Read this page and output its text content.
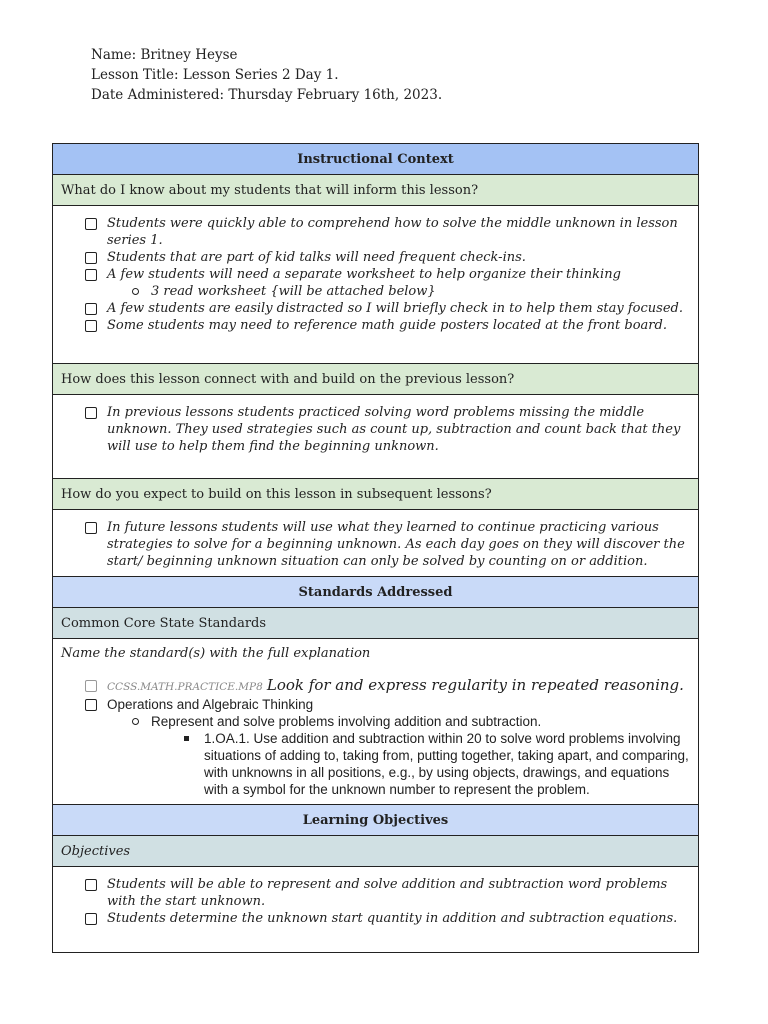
Name: Britney Heyse
Lesson Title: Lesson Series 2 Day 1.
Date Administered: Thursday February 16th, 2023.
Instructional Context
What do I know about my students that will inform this lesson?

Students were quickly able to comprehend how to solve the middle unknown in lesson series 1.
Students that are part of kid talks will need frequent check-ins.
A few students will need a separate worksheet to help organize their thinking
3 read worksheet {will be attached below}
A few students are easily distracted so I will briefly check in to help them stay focused.
Some students may need to reference math guide posters located at the front board.

How does this lesson connect with and build on the previous lesson?

In previous lessons students practiced solving word problems missing the middle unknown. They used strategies such as count up, subtraction and count back that they will use to help them find the beginning unknown.

How do you expect to build on this lesson in subsequent lessons?

In future lessons students will use what they learned to continue practicing various strategies to solve for a beginning unknown. As each day goes on they will discover the start/ beginning unknown situation can only be solved by counting on or addition.

Standards Addressed
Common Core State Standards

Name the standard(s) with the full explanation
CCSS.MATH.PRACTICE.MP8 Look for and express regularity in repeated reasoning.
Operations and Algebraic Thinking
Represent and solve problems involving addition and subtraction.
1.OA.1. Use addition and subtraction within 20 to solve word problems involving situations of adding to, taking from, putting together, taking apart, and comparing, with unknowns in all positions, e.g., by using objects, drawings, and equations with a symbol for the unknown number to represent the problem.

Learning Objectives
Objectives

Students will be able to represent and solve addition and subtraction word problems with the start unknown.
Students determine the unknown start quantity in addition and subtraction equations.
